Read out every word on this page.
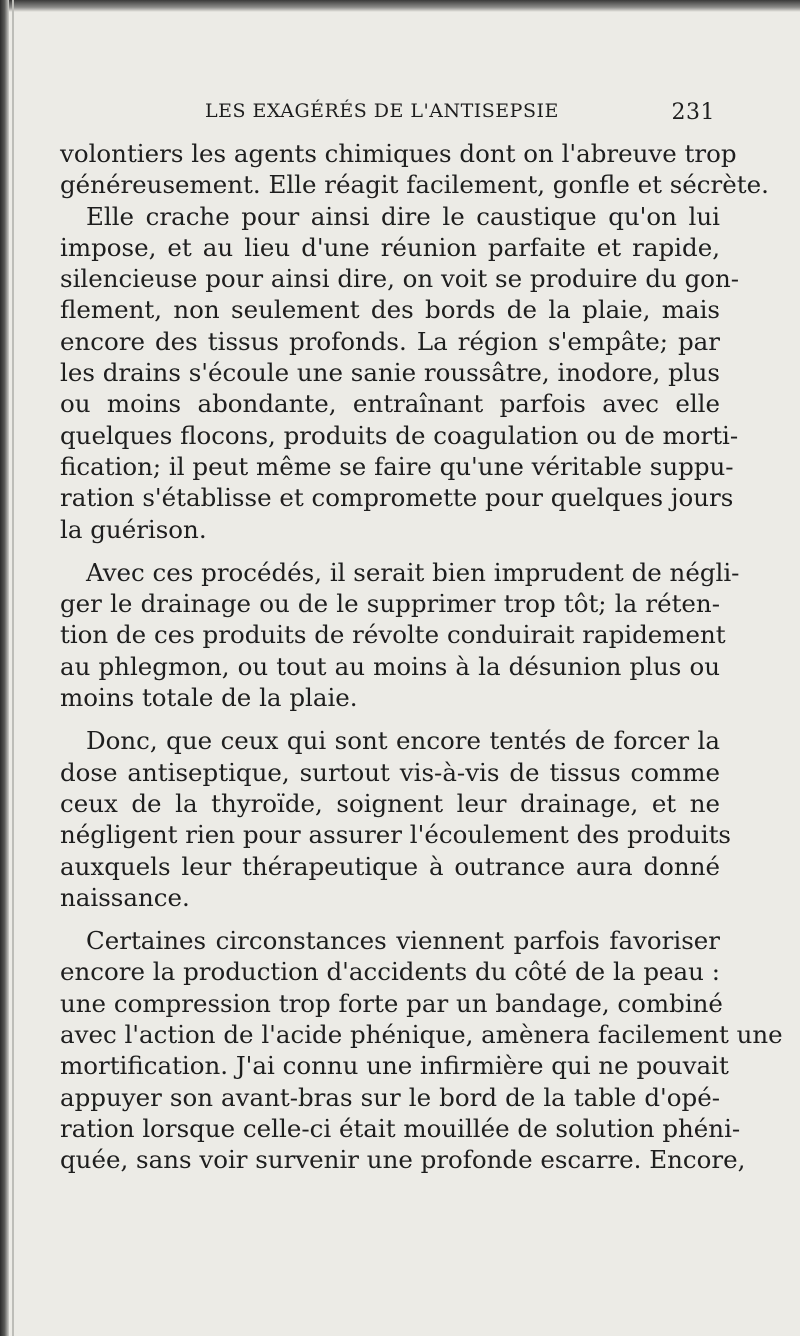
LES EXAGÉRÉS DE L'ANTISEPSIE	231
volontiers les agents chimiques dont on l'abreuve trop
généreusement. Elle réagit facilement, gonfle et sécrète.
Elle crache pour ainsi dire le caustique qu'on lui
impose, et au lieu d'une réunion parfaite et rapide,
silencieuse pour ainsi dire, on voit se produire du gon-
flement, non seulement des bords de la plaie, mais
encore des tissus profonds. La région s'empâte; par
les drains s'écoule une sanie roussâtre, inodore, plus
ou moins abondante, entraînant parfois avec elle
quelques flocons, produits de coagulation ou de morti-
fication; il peut même se faire qu'une véritable suppu-
ration s'établisse et compromette pour quelques jours
la guérison.
Avec ces procédés, il serait bien imprudent de négli-
ger le drainage ou de le supprimer trop tôt; la réten-
tion de ces produits de révolte conduirait rapidement
au phlegmon, ou tout au moins à la désunion plus ou
moins totale de la plaie.
Donc, que ceux qui sont encore tentés de forcer la
dose antiseptique, surtout vis-à-vis de tissus comme
ceux de la thyroïde, soignent leur drainage, et ne
négligent rien pour assurer l'écoulement des produits
auxquels leur thérapeutique à outrance aura donné
naissance.
Certaines circonstances viennent parfois favoriser
encore la production d'accidents du côté de la peau :
une compression trop forte par un bandage, combiné
avec l'action de l'acide phénique, amènera facilement une
mortification. J'ai connu une infirmière qui ne pouvait
appuyer son avant-bras sur le bord de la table d'opé-
ration lorsque celle-ci était mouillée de solution phéni-
quée, sans voir survenir une profonde escarre. Encore,
